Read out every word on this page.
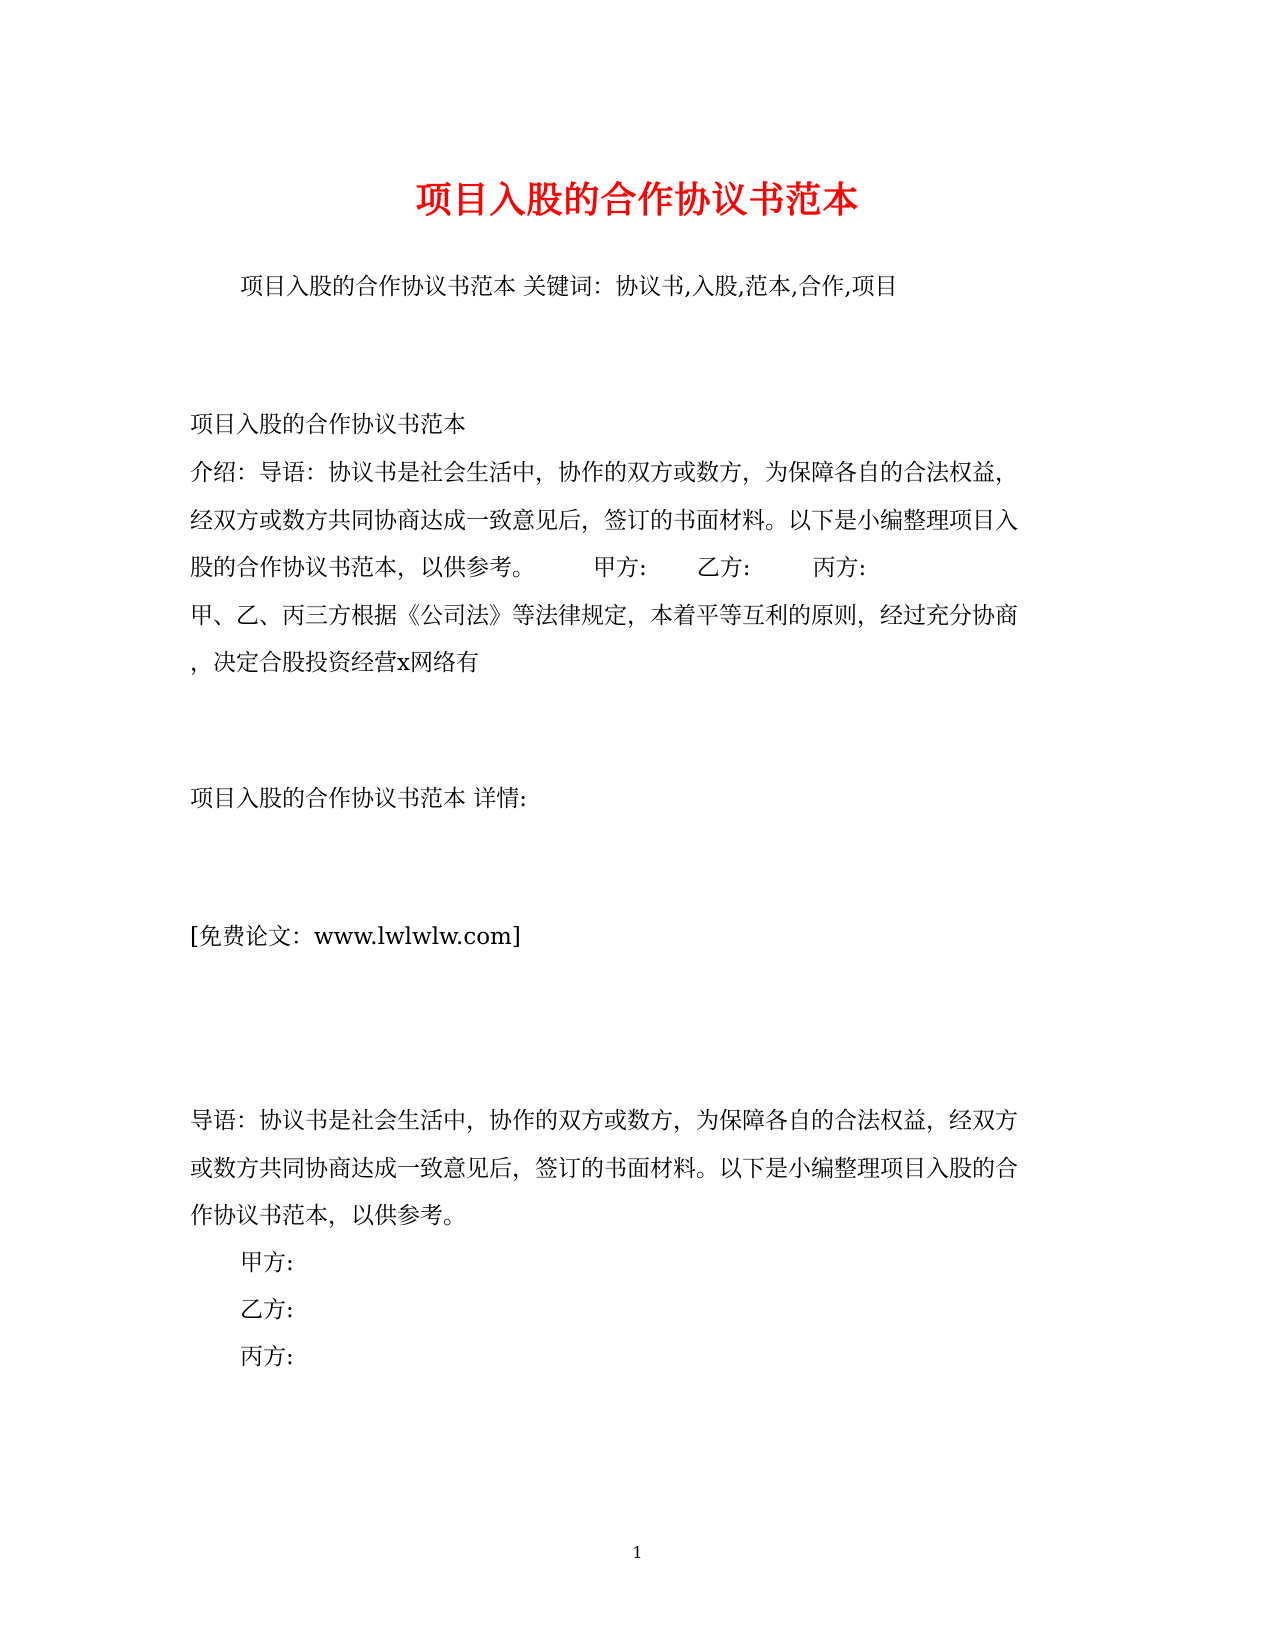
项目入股的合作协议书范本
项目入股的合作协议书范本 关键词：协议书,入股,范本,合作,项目
项目入股的合作协议书范本
介绍：导语：协议书是社会生活中，协作的双方或数方，为保障各自的合法权益，
经双方或数方共同协商达成一致意见后，签订的书面材料。以下是小编整理项目入
股的合作协议书范本，以供参考。	甲方: 乙方:	丙方:
甲、乙、丙三方根据《公司法》等法律规定，本着平等互利的原则，经过充分协商
，决定合股投资经营x网络有
项目入股的合作协议书范本 详情:
[免费论文：www.lwlwlw.com]
导语：协议书是社会生活中，协作的双方或数方，为保障各自的合法权益，经双方
或数方共同协商达成一致意见后，签订的书面材料。以下是小编整理项目入股的合
作协议书范本，以供参考。
甲方:
乙方:
丙方:
1
